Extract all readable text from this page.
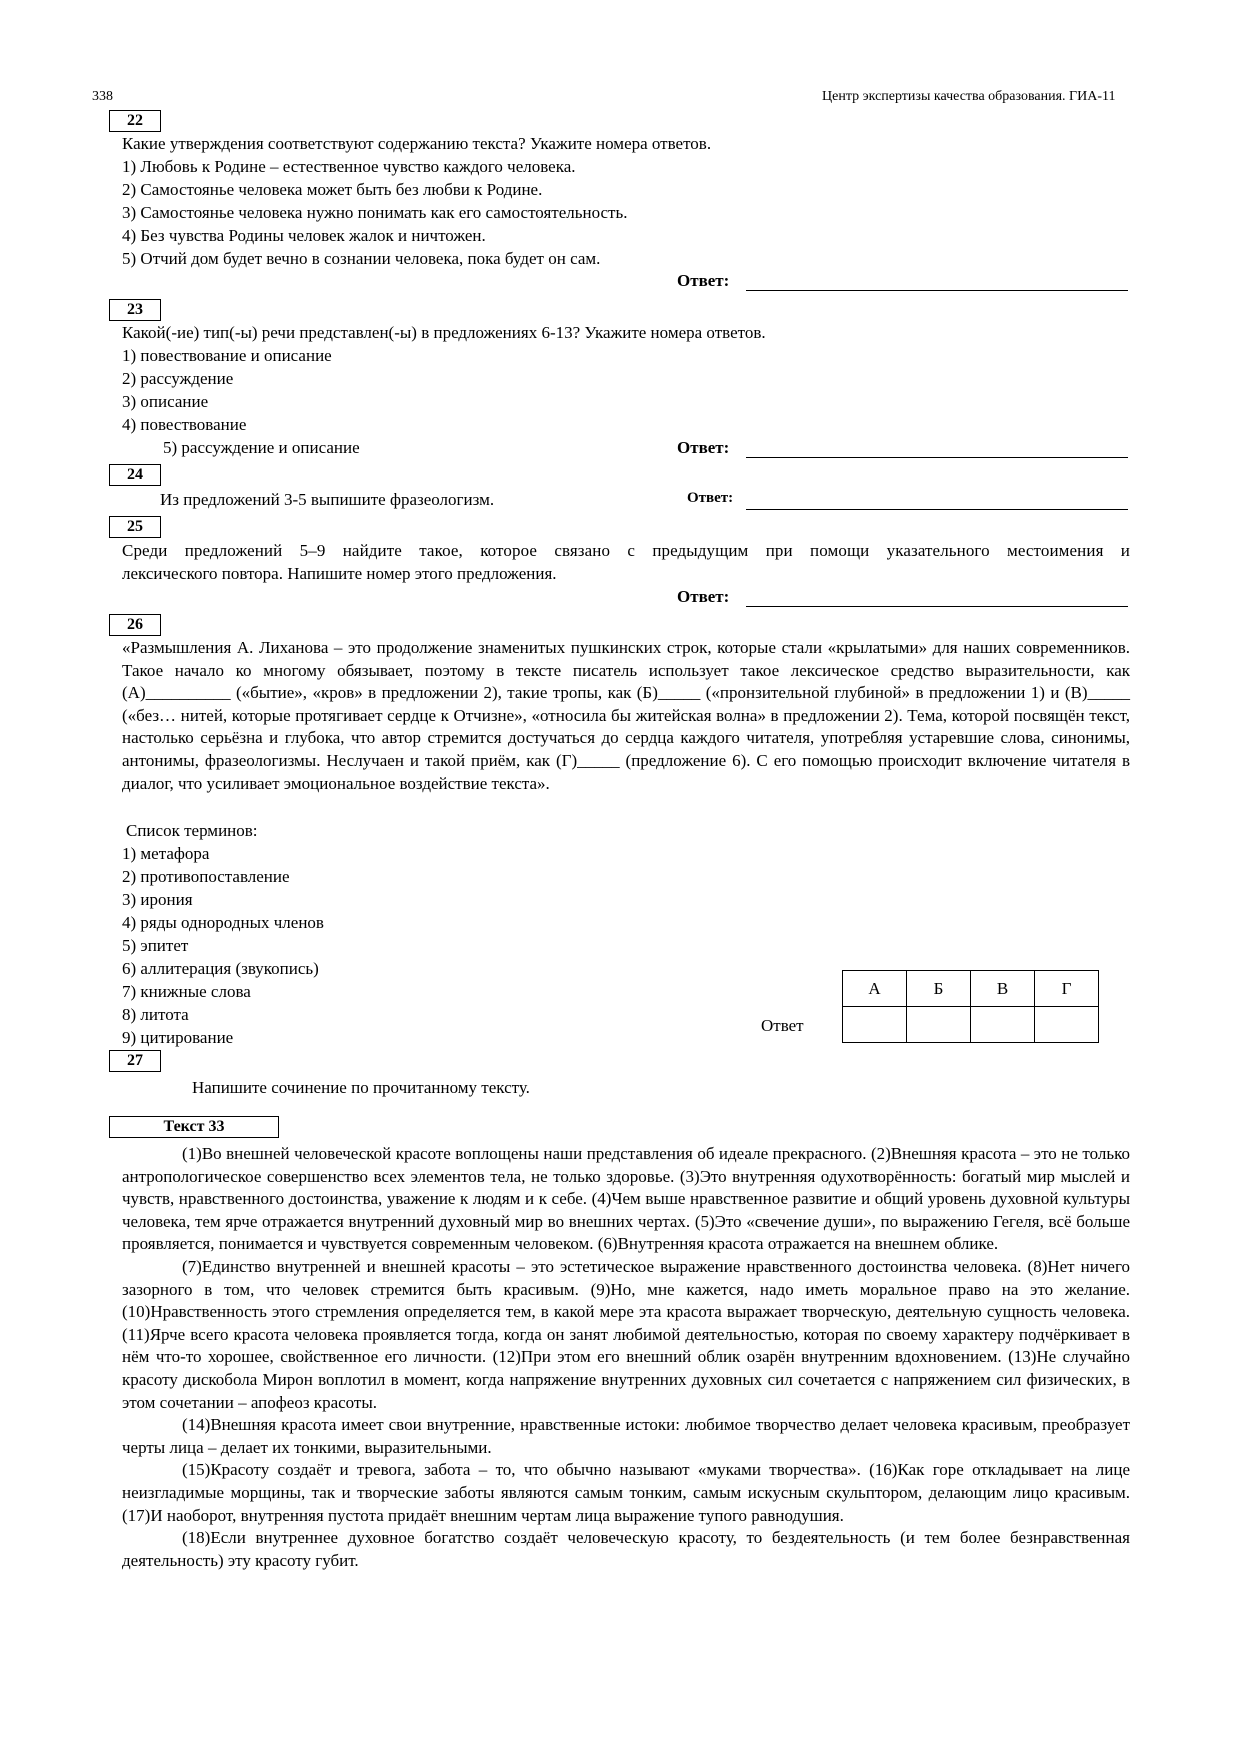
338	Центр экспертизы качества образования. ГИА-11
22
Какие утверждения соответствуют содержанию текста? Укажите номера ответов.
1) Любовь к Родине – естественное чувство каждого человека.
2) Самостоянье человека может быть без любви к Родине.
3) Самостоянье человека нужно понимать как его самостоятельность.
4) Без чувства Родины человек жалок и ничтожен.
5) Отчий дом будет вечно в сознании человека, пока будет он сам.
Ответ:
23
Какой(-ие) тип(-ы) речи представлен(-ы) в предложениях 6-13? Укажите номера ответов.
1) повествование и описание
2) рассуждение
3) описание
4) повествование
5) рассуждение и описание	Ответ:
24
Из предложений 3-5 выпишите фразеологизм.	Ответ:
25
Среди предложений 5–9 найдите такое, которое связано с предыдущим при помощи указательного местоимения и
лексического повтора. Напишите номер этого предложения.
Ответ:
26
«Размышления А. Лиханова – это продолжение знаменитых пушкинских строк, которые стали «крылатыми» для наших современников. Такое начало ко многому обязывает, поэтому в тексте писатель использует такое лексическое средство выразительности, как (А)__________ («бытие», «кров» в предложении 2), такие тропы, как (Б)_____ («пронзительной глубиной» в предложении 1) и (В)_____ («без… нитей, которые протягивает сердце к Отчизне», «относила бы житейская волна» в предложении 2). Тема, которой посвящён текст, настолько серьёзна и глубока, что автор стремится достучаться до сердца каждого читателя, употребляя устаревшие слова, синонимы, антонимы, фразеологизмы. Неслучаен и такой приём, как (Г)_____ (предложение 6). С его помощью происходит включение читателя в диалог, что усиливает эмоциональное воздействие текста».
Список терминов:
1) метафора
2) противопоставление
3) ирония
4) ряды однородных членов
5) эпитет
6) аллитерация (звукопись)
7) книжные слова
8) литота
9) цитирование
Ответ
А	Б	В	Г

27
Напишите сочинение по прочитанному тексту.
Текст 33

(1)Во внешней человеческой красоте воплощены наши представления об идеале прекрасного. (2)Внешняя красота – это не только антропологическое совершенство всех элементов тела, не только здоровье. (3)Это внутренняя одухотворённость: богатый мир мыслей и чувств, нравственного достоинства, уважение к людям и к себе. (4)Чем выше нравственное развитие и общий уровень духовной культуры человека, тем ярче отражается внутренний духовный мир во внешних чертах. (5)Это «свечение души», по выражению Гегеля, всё больше проявляется, понимается и чувствуется современным человеком. (6)Внутренняя красота отражается на внешнем облике.

(7)Единство внутренней и внешней красоты – это эстетическое выражение нравственного достоинства человека. (8)Нет ничего зазорного в том, что человек стремится быть красивым. (9)Но, мне кажется, надо иметь моральное право на это желание. (10)Нравственность этого стремления определяется тем, в какой мере эта красота выражает творческую, деятельную сущность человека. (11)Ярче всего красота человека проявляется тогда, когда он занят любимой деятельностью, которая по своему характеру подчёркивает в нём что-то хорошее, свойственное его личности. (12)При этом его внешний облик озарён внутренним вдохновением. (13)Не случайно красоту дискобола Мирон воплотил в момент, когда напряжение внутренних духовных сил сочетается с напряжением сил физических, в этом сочетании – апофеоз красоты.

(14)Внешняя красота имеет свои внутренние, нравственные истоки: любимое творчество делает человека красивым, преобразует черты лица – делает их тонкими, выразительными.

(15)Красоту создаёт и тревога, забота – то, что обычно называют «муками творчества». (16)Как горе откладывает на лице неизгладимые морщины, так и творческие заботы являются самым тонким, самым искусным скульптором, делающим лицо красивым. (17)И наоборот, внутренняя пустота придаёт внешним чертам лица выражение тупого равнодушия.

(18)Если внутреннее духовное богатство создаёт человеческую красоту, то бездеятельность (и тем более безнравственная деятельность) эту красоту губит.
